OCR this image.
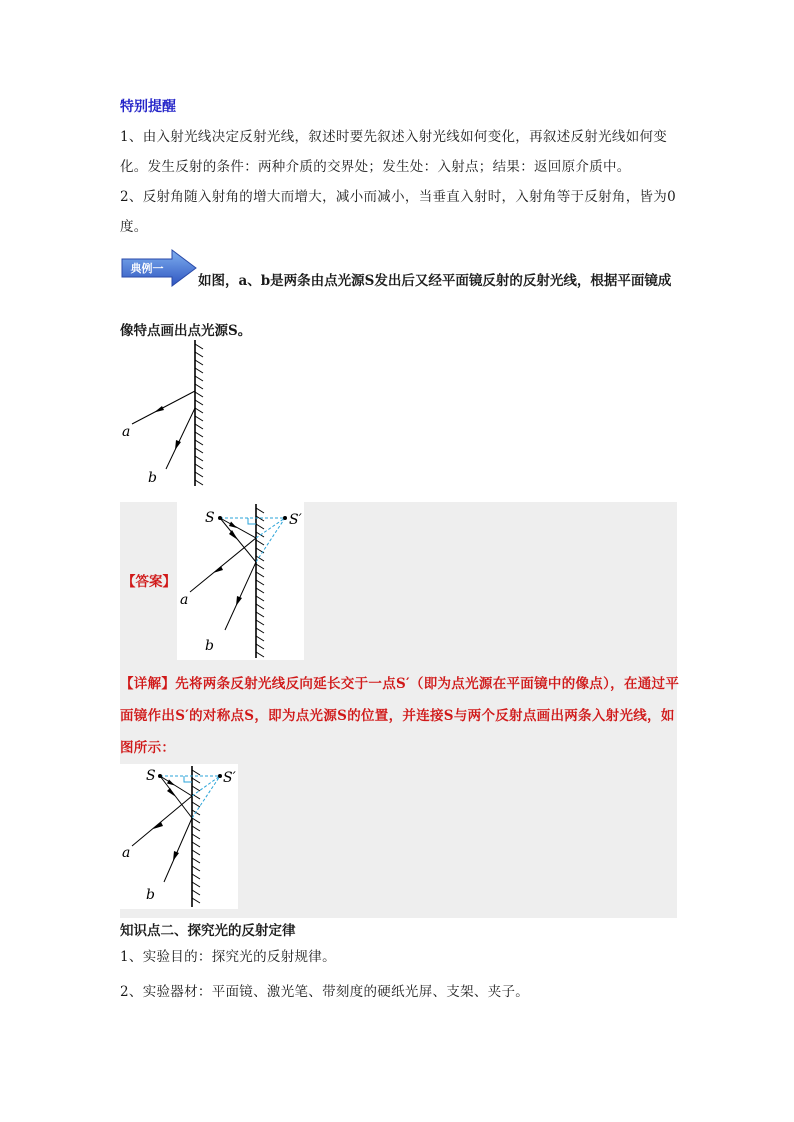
特别提醒
1、由入射光线决定反射光线，叙述时要先叙述入射光线如何变化，再叙述反射光线如何变化。发生反射的条件：两种介质的交界处；发生处：入射点；结果：返回原介质中。
2、反射角随入射角的增大而增大，减小而减小，当垂直入射时，入射角等于反射角，皆为0度。
典例一
如图，a、b是两条由点光源S发出后又经平面镜反射的反射光线，根据平面镜成像特点画出点光源S。
a
b
【答案】
S	S′
a
b
【详解】先将两条反射光线反向延长交于一点S′（即为点光源在平面镜中的像点），在通过平面镜作出S′的对称点S，即为点光源S的位置，并连接S与两个反射点画出两条入射光线，如图所示：
S	S′
a
b
知识点二、探究光的反射定律
1、实验目的：探究光的反射规律。
2、实验器材：平面镜、激光笔、带刻度的硬纸光屏、支架、夹子。
